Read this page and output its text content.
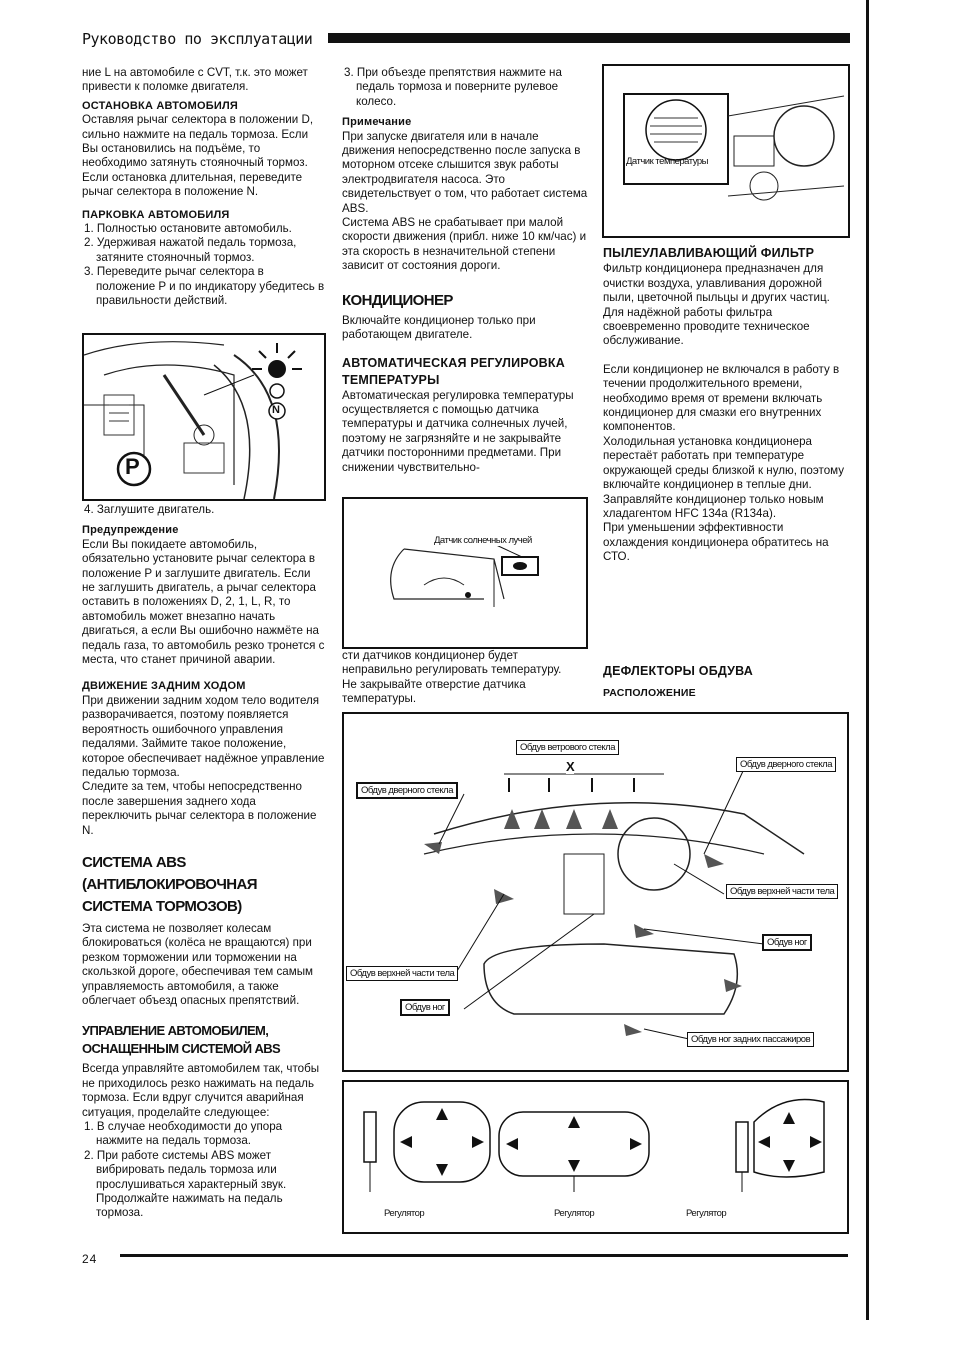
Руководство по эксплуатации

ние L на автомобиле с CVT, т.к. это может привести к поломке двигателя.

ОСТАНОВКА АВТОМОБИЛЯ

Оставляя рычаг селектора в положении D, сильно нажмите на педаль тормоза. Если Вы остановились на подъёме, то необходимо затянуть стояночный тормоз.

Если остановка длительная, переведите рычаг селектора в положение N.

ПАРКОВКА АВТОМОБИЛЯ

1. Полностью остановите автомобиль.

2. Удерживая нажатой педаль тормоза, затяните стояночный тормоз.

3. Переведите рычаг селектора в положение P и по индикатору убедитесь в правильности действий.

P
N

4. Заглушите двигатель.

Предупреждение

Если Вы покидаете автомобиль, обязательно установите рычаг селектора в положение P и заглушите двигатель. Если не заглушить двигатель, а рычаг селектора оставить в положениях D, 2, 1, L, R, то автомобиль может внезапно начать двигаться, а если Вы ошибочно нажмёте на педаль газа, то автомобиль резко тронется с места, что станет причиной аварии.

ДВИЖЕНИЕ ЗАДНИМ ХОДОМ

При движении задним ходом тело водителя разворачивается, поэтому появляется вероятность ошибочного управления педалями. Займите такое положение, которое обеспечивает надёжное управление педалью тормоза.

Следите за тем, чтобы непосредственно после завершения заднего хода переключить рычаг селектора в положение N.

СИСТЕМА ABS (АНТИБЛОКИРОВОЧНАЯ СИСТЕМА ТОРМОЗОВ)

Эта система не позволяет колесам блокироваться (колёса не вращаются) при резком торможении или торможении на скользкой дороге, обеспечивая тем самым управляемость автомобиля, а также облегчает объезд опасных препятствий.

УПРАВЛЕНИЕ АВТОМОБИЛЕМ, ОСНАЩЕННЫМ СИСТЕМОЙ ABS

Всегда управляйте автомобилем так, чтобы не приходилось резко нажимать на педаль тормоза. Если вдруг случится аварийная ситуация, проделайте следующее:

1. В случае необходимости до упора нажмите на педаль тормоза.

2. При работе системы ABS может вибрировать педаль тормоза или прослушиваться характерный звук. Продолжайте нажимать на педаль тормоза.

3. При объезде препятствия нажмите на педаль тормоза и поверните рулевое колесо.

Примечание

При запуске двигателя или в начале движения непосредственно после запуска в моторном отсеке слышится звук работы электродвигателя насоса. Это свидетельствует о том, что работает система ABS.

Система ABS не срабатывает при малой скорости движения (прибл. ниже 10 км/час) и эта скорость в незначительной степени зависит от состояния дороги.

КОНДИЦИОНЕР

Включайте кондиционер только при работающем двигателе.

АВТОМАТИЧЕСКАЯ РЕГУЛИРОВКА ТЕМПЕРАТУРЫ

Автоматическая регулировка температуры осуществляется с помощью датчика температуры и датчика солнечных лучей, поэтому не загрязняйте и не закрывайте датчики посторонними предметами. При снижении чувствительно-

Датчик солнечных лучей

сти датчиков кондиционер будет неправильно регулировать температуру.

Не закрывайте отверстие датчика температуры.

Датчик температуры

ПЫЛЕУЛАВЛИВАЮЩИЙ ФИЛЬТР

Фильтр кондиционера предназначен для очистки воздуха, улавливания дорожной пыли, цветочной пыльцы и других частиц. Для надёжной работы фильтра своевременно проводите техническое обслуживание.

Если кондиционер не включался в работу в течении продолжительного времени, необходимо время от времени включать кондиционер для смазки его внутренних компонентов.

Холодильная установка кондиционера перестаёт работать при температуре окружающей среды близкой к нулю, поэтому включайте кондиционер в теплые дни.

Заправляйте кондиционер только новым хладагентом HFC 134a (R134a).

При уменьшении эффективности охлаждения кондиционера обратитесь на СТО.

ДЕФЛЕКТОРЫ ОБДУВА

РАСПОЛОЖЕНИЕ

Обдув ветрового стекла
X	Обдув дверного стекла
Обдув дверного стекла
Обдув верхней части тела
Обдув ног
Обдув верхней части тела
Обдув ног
Обдув ног задних пассажиров
Регулятор	Регулятор	Регулятор
24
